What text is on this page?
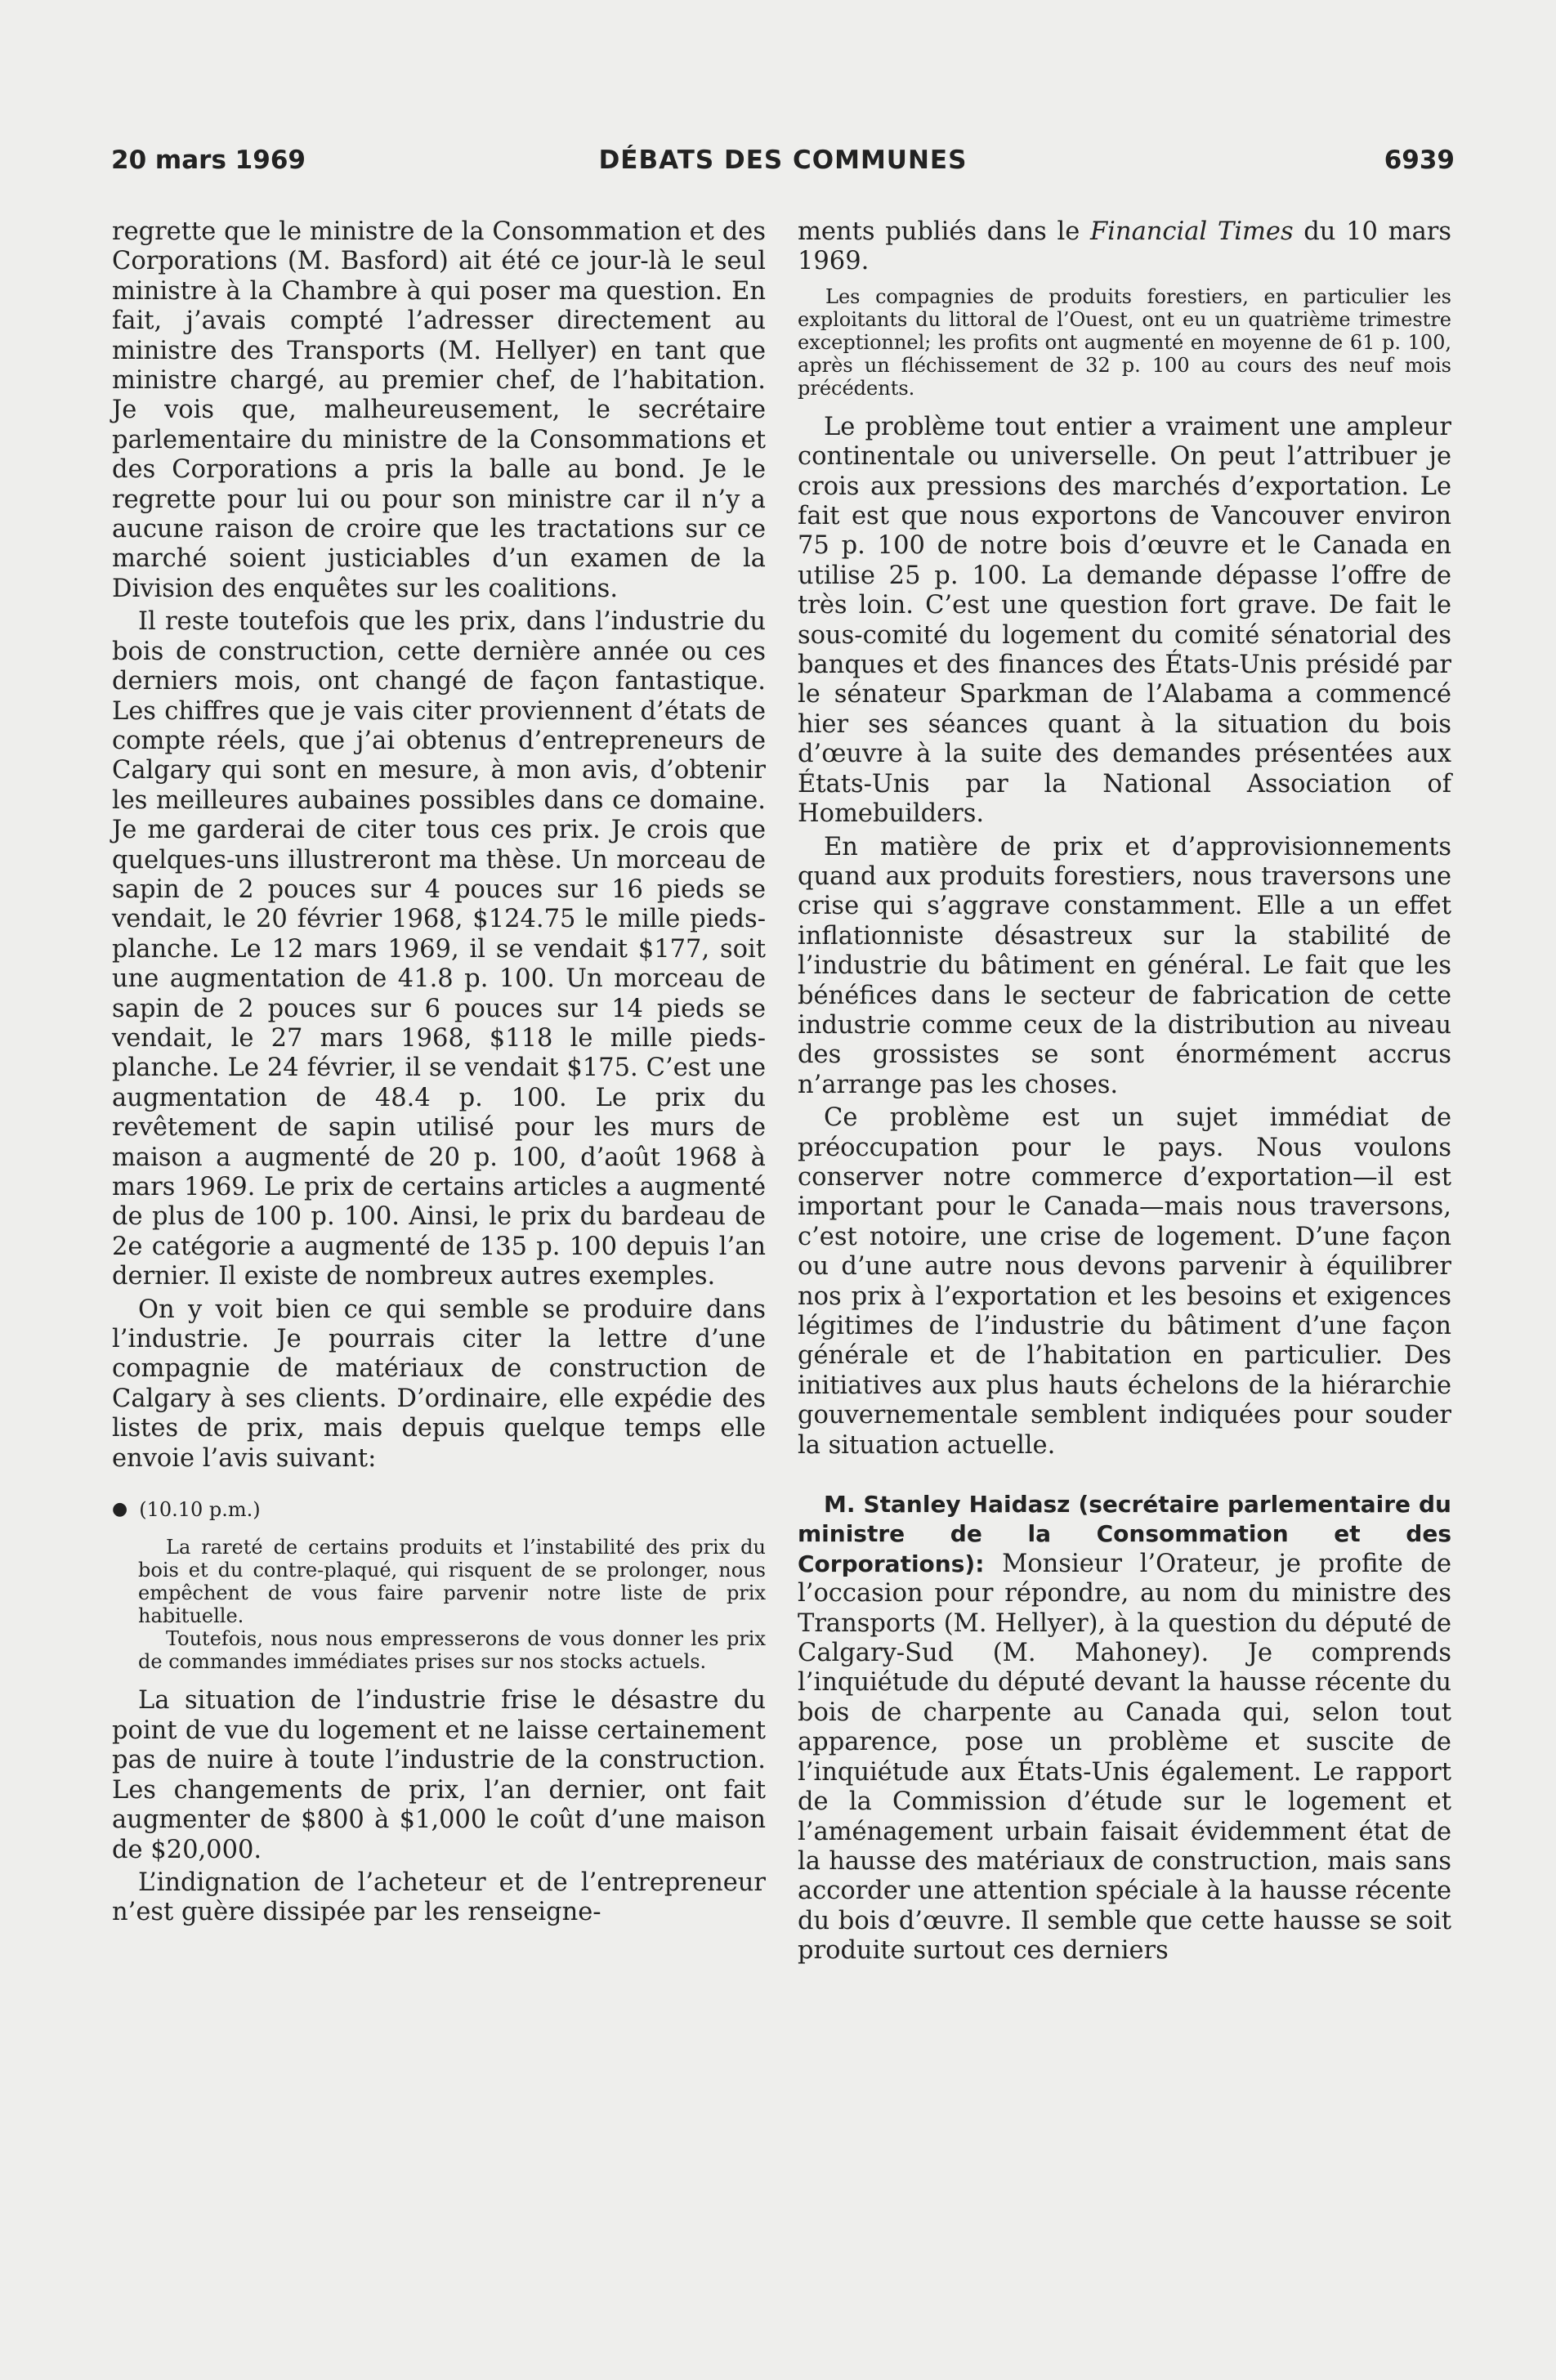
20 mars 1969	DÉBATS DES COMMUNES	6939

regrette que le ministre de la Consommation et des Corporations (M. Basford) ait été ce jour-là le seul ministre à la Chambre à qui poser ma question. En fait, j’avais compté l’adresser directement au ministre des Transports (M. Hellyer) en tant que ministre chargé, au premier chef, de l’habitation. Je vois que, malheureusement, le secrétaire parlementaire du ministre de la Consommations et des Corporations a pris la balle au bond. Je le regrette pour lui ou pour son ministre car il n’y a aucune raison de croire que les tractations sur ce marché soient justiciables d’un examen de la Division des enquêtes sur les coalitions.

Il reste toutefois que les prix, dans l’industrie du bois de construction, cette dernière année ou ces derniers mois, ont changé de façon fantastique. Les chiffres que je vais citer proviennent d’états de compte réels, que j’ai obtenus d’entrepreneurs de Calgary qui sont en mesure, à mon avis, d’obtenir les meilleures aubaines possibles dans ce domaine. Je me garderai de citer tous ces prix. Je crois que quelques-uns illustreront ma thèse. Un morceau de sapin de 2 pouces sur 4 pouces sur 16 pieds se vendait, le 20 février 1968, $124.75 le mille pieds-planche. Le 12 mars 1969, il se vendait $177, soit une augmentation de 41.8 p. 100. Un morceau de sapin de 2 pouces sur 6 pouces sur 14 pieds se vendait, le 27 mars 1968, $118 le mille pieds-planche. Le 24 février, il se vendait $175. C’est une augmentation de 48.4 p. 100. Le prix du revêtement de sapin utilisé pour les murs de maison a augmenté de 20 p. 100, d’août 1968 à mars 1969. Le prix de certains articles a augmenté de plus de 100 p. 100. Ainsi, le prix du bardeau de 2e catégorie a augmenté de 135 p. 100 depuis l’an dernier. Il existe de nombreux autres exemples.

On y voit bien ce qui semble se produire dans l’industrie. Je pourrais citer la lettre d’une compagnie de matériaux de construction de Calgary à ses clients. D’ordinaire, elle expédie des listes de prix, mais depuis quelque temps elle envoie l’avis suivant:

● (10.10 p.m.)

La rareté de certains produits et l’instabilité des prix du bois et du contre-plaqué, qui risquent de se prolonger, nous empêchent de vous faire parvenir notre liste de prix habituelle.

Toutefois, nous nous empresserons de vous donner les prix de commandes immédiates prises sur nos stocks actuels.

La situation de l’industrie frise le désastre du point de vue du logement et ne laisse certainement pas de nuire à toute l’industrie de la construction. Les changements de prix, l’an dernier, ont fait augmenter de $800 à $1,000 le coût d’une maison de $20,000.

L’indignation de l’acheteur et de l’entrepreneur n’est guère dissipée par les renseigne-

ments publiés dans le Financial Times du 10 mars 1969.

Les compagnies de produits forestiers, en particulier les exploitants du littoral de l’Ouest, ont eu un quatrième trimestre exceptionnel; les profits ont augmenté en moyenne de 61 p. 100, après un fléchissement de 32 p. 100 au cours des neuf mois précédents.

Le problème tout entier a vraiment une ampleur continentale ou universelle. On peut l’attribuer je crois aux pressions des marchés d’exportation. Le fait est que nous exportons de Vancouver environ 75 p. 100 de notre bois d’œuvre et le Canada en utilise 25 p. 100. La demande dépasse l’offre de très loin. C’est une question fort grave. De fait le sous-comité du logement du comité sénatorial des banques et des finances des États-Unis présidé par le sénateur Sparkman de l’Alabama a commencé hier ses séances quant à la situation du bois d’œuvre à la suite des demandes présentées aux États-Unis par la National Association of Homebuilders.

En matière de prix et d’approvisionnements quand aux produits forestiers, nous traversons une crise qui s’aggrave constamment. Elle a un effet inflationniste désastreux sur la stabilité de l’industrie du bâtiment en général. Le fait que les bénéfices dans le secteur de fabrication de cette industrie comme ceux de la distribution au niveau des grossistes se sont énormément accrus n’arrange pas les choses.

Ce problème est un sujet immédiat de préoccupation pour le pays. Nous voulons conserver notre commerce d’exportation—il est important pour le Canada—mais nous traversons, c’est notoire, une crise de logement. D’une façon ou d’une autre nous devons parvenir à équilibrer nos prix à l’exportation et les besoins et exigences légitimes de l’industrie du bâtiment d’une façon générale et de l’habitation en particulier. Des initiatives aux plus hauts échelons de la hiérarchie gouvernementale semblent indiquées pour souder la situation actuelle.

M. Stanley Haidasz (secrétaire parlementaire du ministre de la Consommation et des Corporations): Monsieur l’Orateur, je profite de l’occasion pour répondre, au nom du ministre des Transports (M. Hellyer), à la question du député de Calgary-Sud (M. Mahoney). Je comprends l’inquiétude du député devant la hausse récente du bois de charpente au Canada qui, selon tout apparence, pose un problème et suscite de l’inquiétude aux États-Unis également. Le rapport de la Commission d’étude sur le logement et l’aménagement urbain faisait évidemment état de la hausse des matériaux de construction, mais sans accorder une attention spéciale à la hausse récente du bois d’œuvre. Il semble que cette hausse se soit produite surtout ces derniers
